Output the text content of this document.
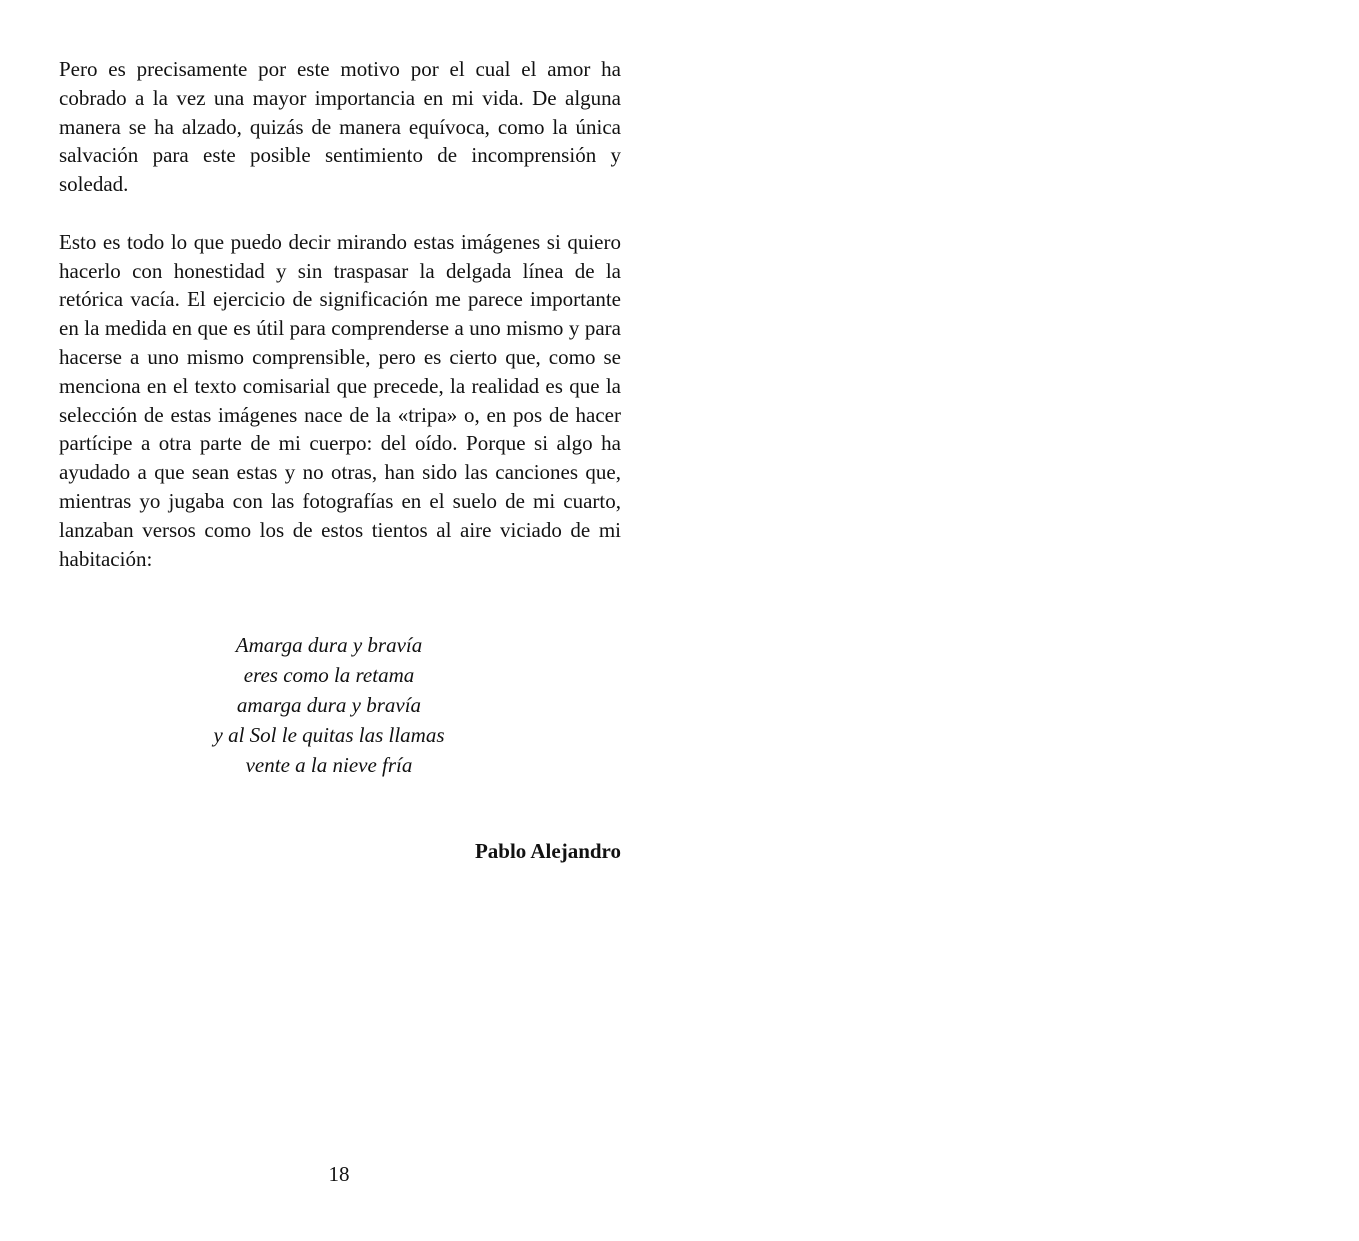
Pero es precisamente por este motivo por el cual el amor ha cobrado a la vez una mayor importancia en mi vida. De alguna manera se ha alzado, quizás de manera equívoca, como la única salvación para este posible sentimiento de incomprensión y soledad.

Esto es todo lo que puedo decir mirando estas imágenes si quiero hacerlo con honestidad y sin traspasar la delgada línea de la retórica vacía. El ejercicio de significación me parece importante en la medida en que es útil para comprenderse a uno mismo y para hacerse a uno mismo comprensible, pero es cierto que, como se menciona en el texto comisarial que precede, la realidad es que la selección de estas imágenes nace de la «tripa» o, en pos de hacer partícipe a otra parte de mi cuerpo: del oído. Porque si algo ha ayudado a que sean estas y no otras, han sido las canciones que, mientras yo jugaba con las fotografías en el suelo de mi cuarto, lanzaban versos como los de estos tientos al aire viciado de mi habitación:

Amarga dura y bravía
eres como la retama
amarga dura y bravía
y al Sol le quitas las llamas
vente a la nieve fría
Pablo Alejandro
18
